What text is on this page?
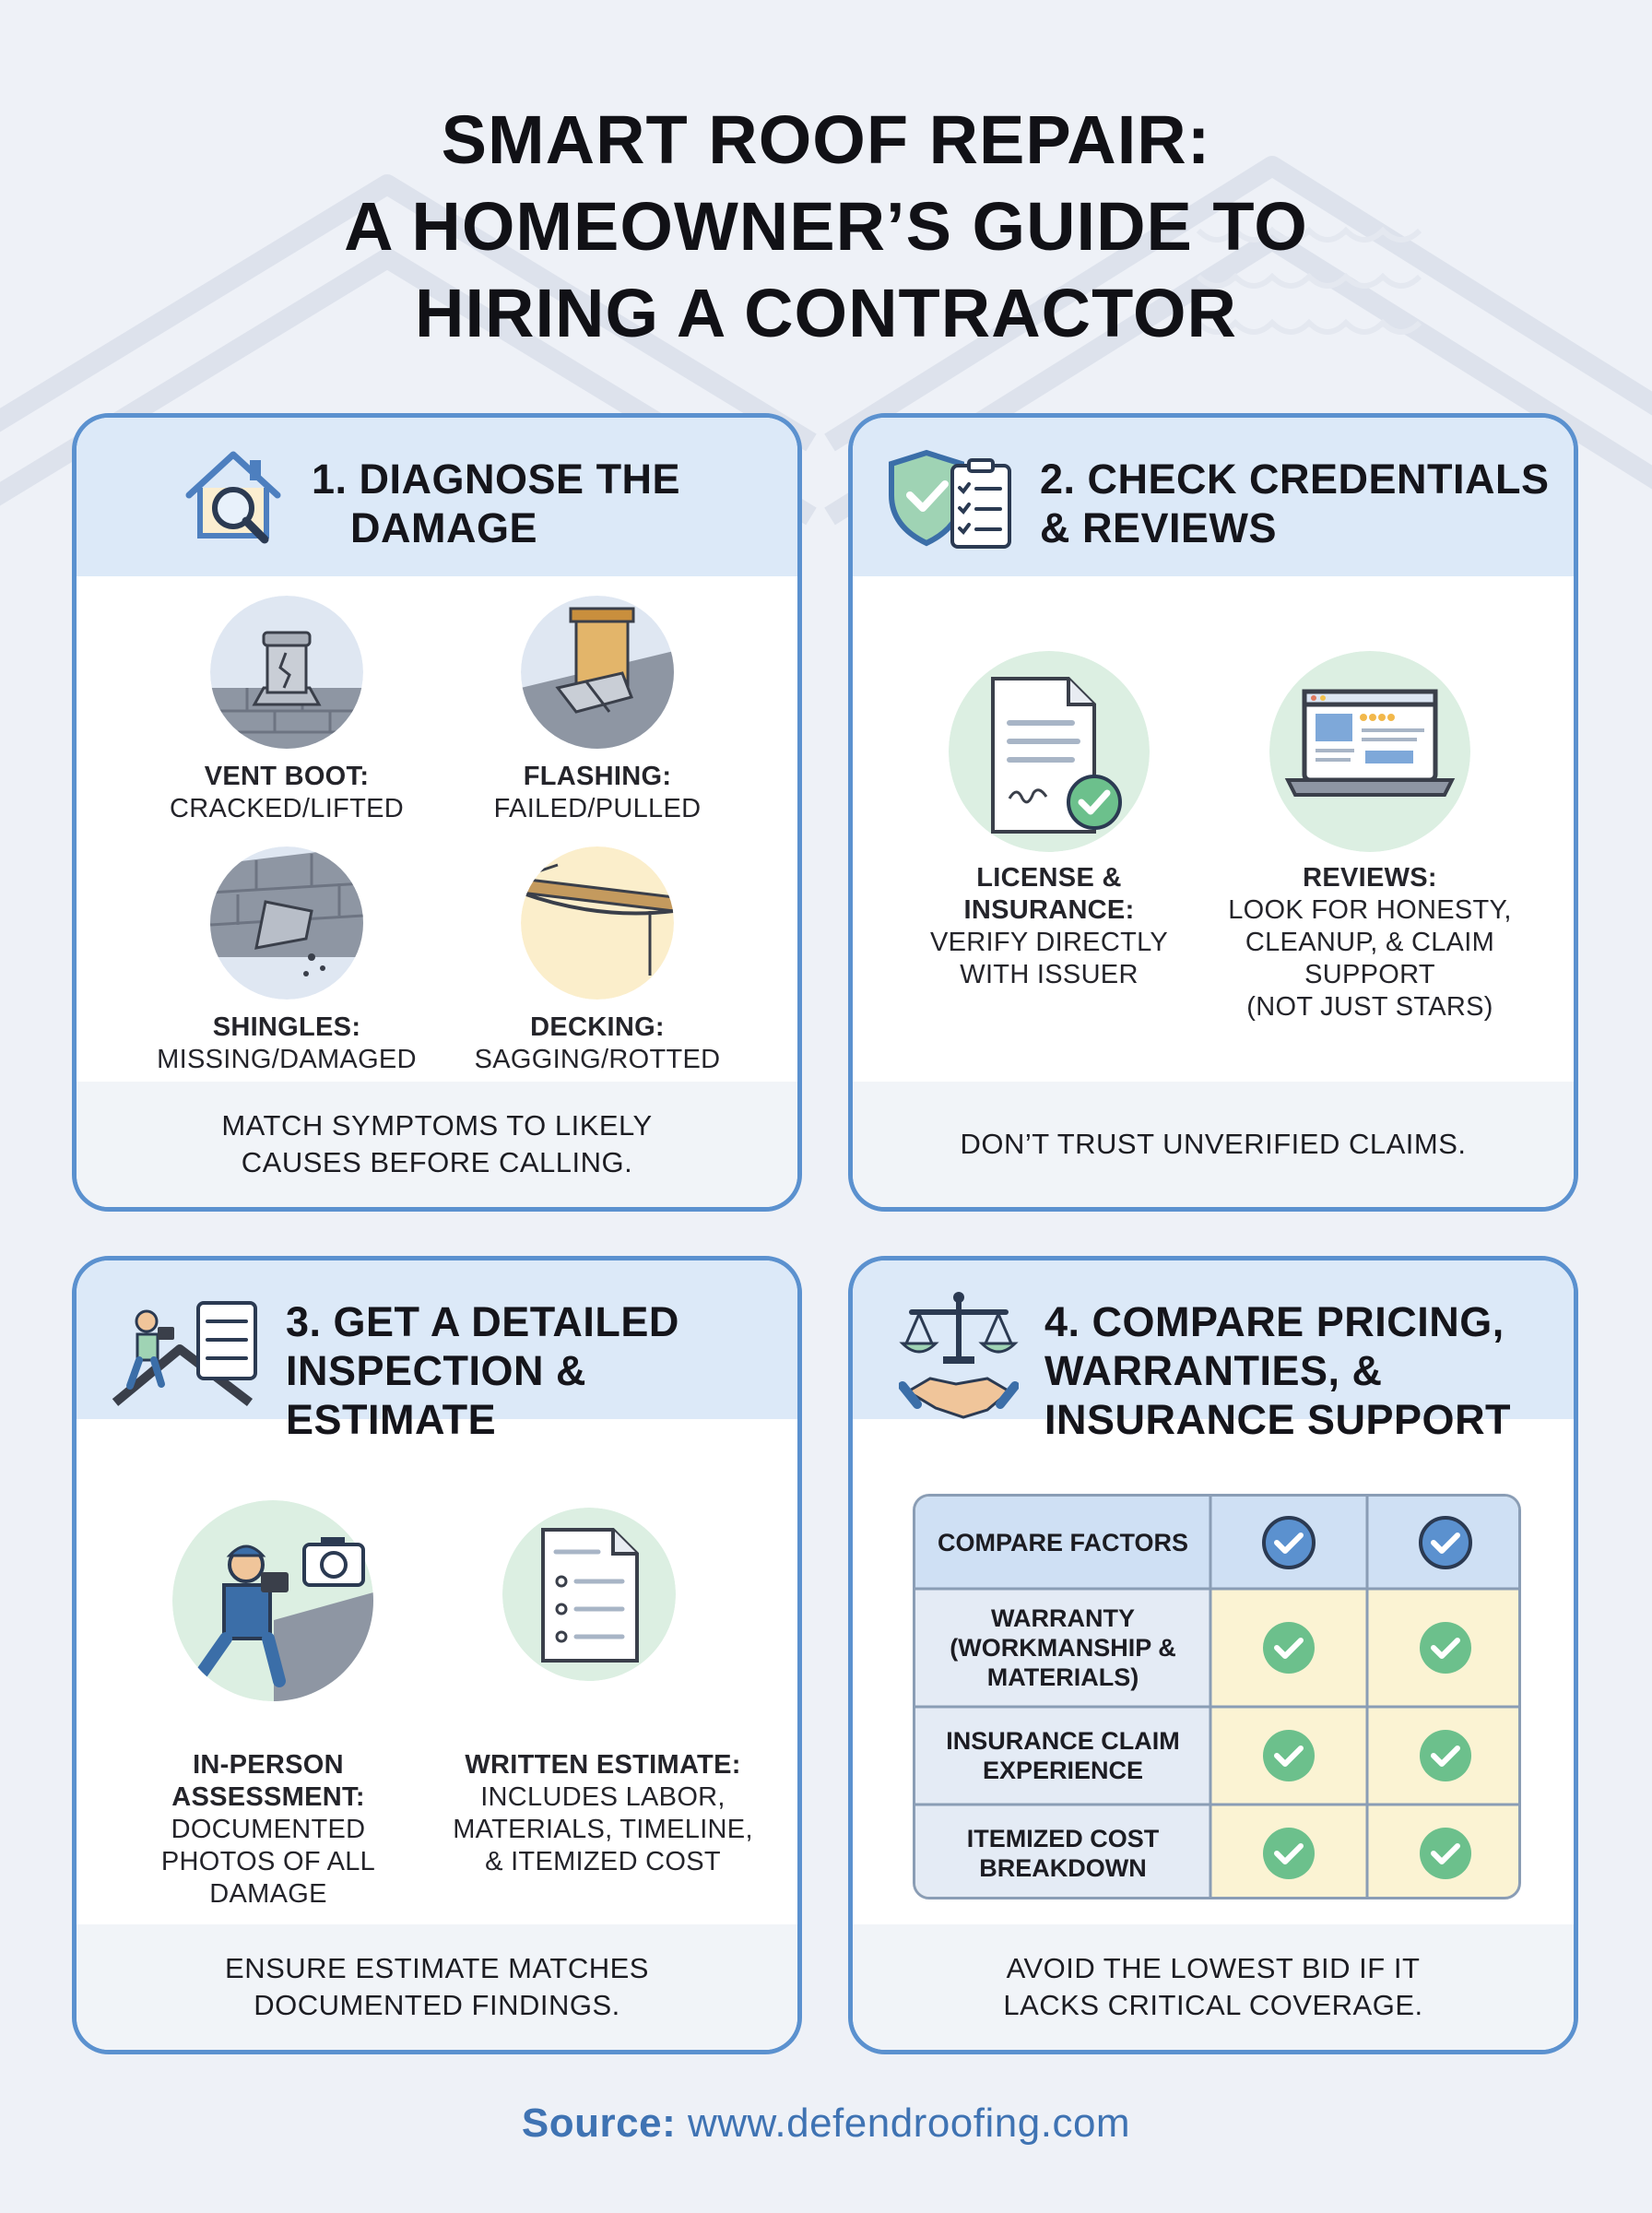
SMART ROOF REPAIR:
A HOMEOWNER’S GUIDE TO
HIRING A CONTRACTOR
1. DIAGNOSE THE
DAMAGE
VENT BOOT:
CRACKED/LIFTED
FLASHING:
FAILED/PULLED
SHINGLES:
MISSING/DAMAGED
DECKING:
SAGGING/ROTTED
MATCH SYMPTOMS TO LIKELY
CAUSES BEFORE CALLING.
2. CHECK CREDENTIALS
& REVIEWS
LICENSE &
INSURANCE:
VERIFY DIRECTLY
WITH ISSUER
REVIEWS:
LOOK FOR HONESTY,
CLEANUP, & CLAIM
SUPPORT
(NOT JUST STARS)
DON’T TRUST UNVERIFIED CLAIMS.
3. GET A DETAILED
INSPECTION &
ESTIMATE
IN-PERSON
ASSESSMENT:
DOCUMENTED
PHOTOS OF ALL
DAMAGE
WRITTEN ESTIMATE:
INCLUDES LABOR,
MATERIALS, TIMELINE,
& ITEMIZED COST
ENSURE ESTIMATE MATCHES
DOCUMENTED FINDINGS.
4. COMPARE PRICING,
WARRANTIES, &
INSURANCE SUPPORT
COMPARE FACTORS
WARRANTY
(WORKMANSHIP &
MATERIALS)
INSURANCE CLAIM
EXPERIENCE
ITEMIZED COST
BREAKDOWN
AVOID THE LOWEST BID IF IT
LACKS CRITICAL COVERAGE.
Source: www.defendroofing.com
